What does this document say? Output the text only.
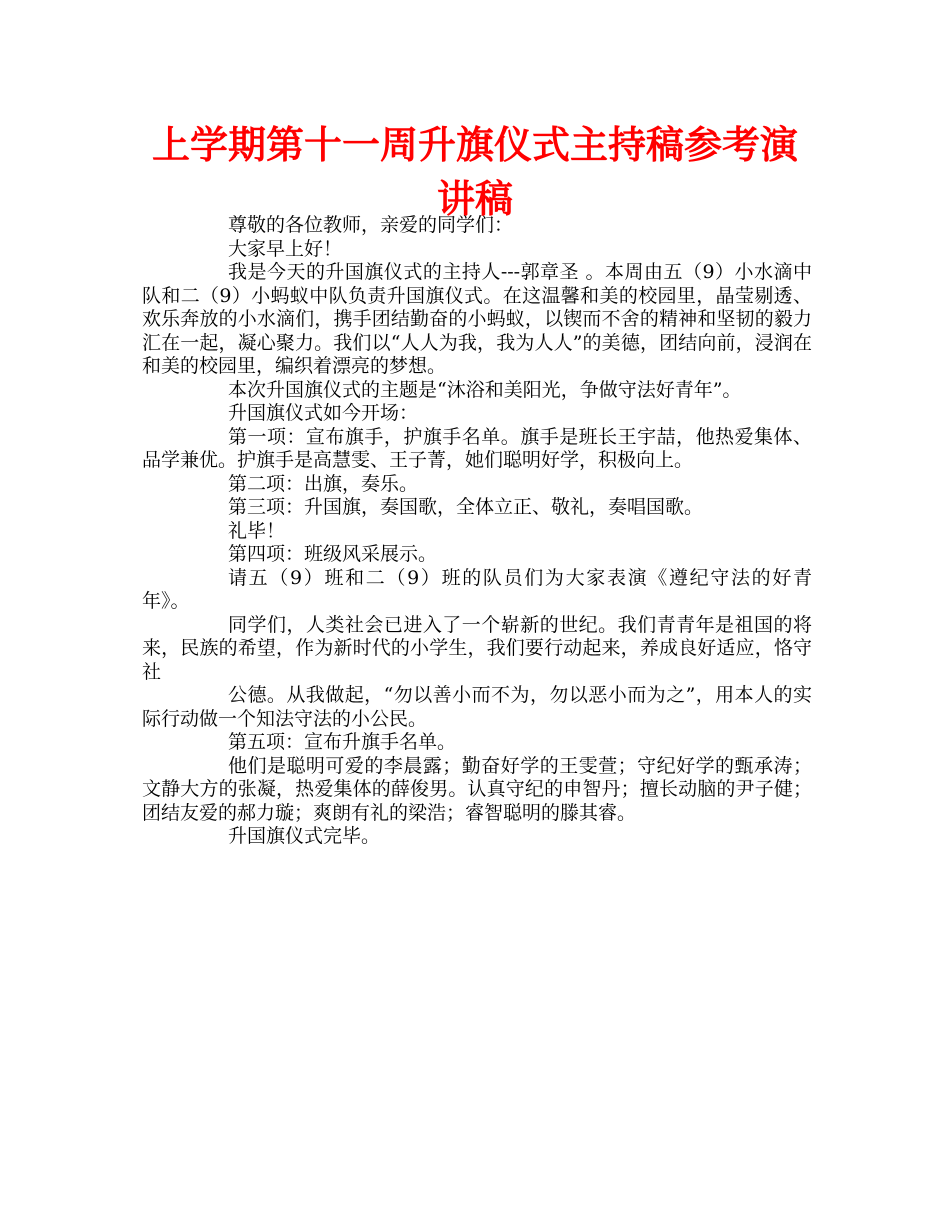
上学期第十一周升旗仪式主持稿参考演讲稿

尊敬的各位教师，亲爱的同学们：

大家早上好！

我是今天的升国旗仪式的主持人---郭章圣 。本周由五（9）小水滴中队和二（9）小蚂蚁中队负责升国旗仪式。在这温馨和美的校园里，晶莹剔透、欢乐奔放的小水滴们，携手团结勤奋的小蚂蚁，以锲而不舍的精神和坚韧的毅力汇在一起，凝心聚力。我们以“人人为我，我为人人”的美德，团结向前，浸润在和美的校园里，编织着漂亮的梦想。

本次升国旗仪式的主题是“沐浴和美阳光，争做守法好青年”。

升国旗仪式如今开场：

第一项：宣布旗手，护旗手名单。旗手是班长王宇喆，他热爱集体、品学兼优。护旗手是高慧雯、王子菁，她们聪明好学，积极向上。

第二项：出旗，奏乐。

第三项：升国旗，奏国歌，全体立正、敬礼，奏唱国歌。

礼毕！

第四项：班级风采展示。

请五（9）班和二（9）班的队员们为大家表演《遵纪守法的好青年》。

同学们，人类社会已进入了一个崭新的世纪。我们青青年是祖国的将来，民族的希望，作为新时代的小学生，我们要行动起来，养成良好适应，恪守社

公德。从我做起，“勿以善小而不为，勿以恶小而为之”，用本人的实际行动做一个知法守法的小公民。

第五项：宣布升旗手名单。

他们是聪明可爱的李晨露；勤奋好学的王雯萱；守纪好学的甄承涛；文静大方的张凝，热爱集体的薛俊男。认真守纪的申智丹；擅长动脑的尹子健；团结友爱的郝力璇；爽朗有礼的梁浩；睿智聪明的滕其睿。

升国旗仪式完毕。
